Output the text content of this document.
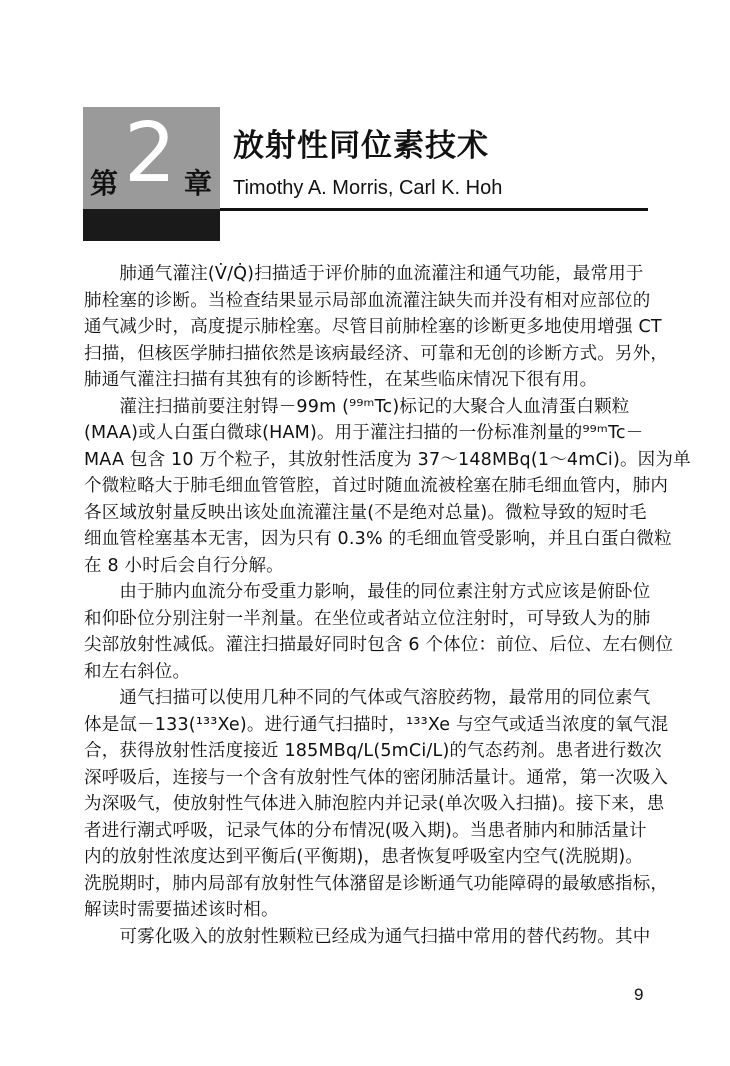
第 2 章
放射性同位素技术
Timothy A. Morris, Carl K. Hoh
　　肺通气灌注(V̇/Q̇)扫描适于评价肺的血流灌注和通气功能，最常用于
肺栓塞的诊断。当检查结果显示局部血流灌注缺失而并没有相对应部位的
通气减少时，高度提示肺栓塞。尽管目前肺栓塞的诊断更多地使用增强 CT
扫描，但核医学肺扫描依然是该病最经济、可靠和无创的诊断方式。另外，
肺通气灌注扫描有其独有的诊断特性，在某些临床情况下很有用。
　　灌注扫描前要注射锝－99m (⁹⁹ᵐTc)标记的大聚合人血清蛋白颗粒
(MAA)或人白蛋白微球(HAM)。用于灌注扫描的一份标准剂量的⁹⁹ᵐTc－
MAA 包含 10 万个粒子，其放射性活度为 37～148MBq(1～4mCi)。因为单
个微粒略大于肺毛细血管管腔，首过时随血流被栓塞在肺毛细血管内，肺内
各区域放射量反映出该处血流灌注量(不是绝对总量)。微粒导致的短时毛
细血管栓塞基本无害，因为只有 0.3% 的毛细血管受影响，并且白蛋白微粒
在 8 小时后会自行分解。
　　由于肺内血流分布受重力影响，最佳的同位素注射方式应该是俯卧位
和仰卧位分别注射一半剂量。在坐位或者站立位注射时，可导致人为的肺
尖部放射性减低。灌注扫描最好同时包含 6 个体位：前位、后位、左右侧位
和左右斜位。
　　通气扫描可以使用几种不同的气体或气溶胶药物，最常用的同位素气
体是氙－133(¹³³Xe)。进行通气扫描时，¹³³Xe 与空气或适当浓度的氧气混
合，获得放射性活度接近 185MBq/L(5mCi/L)的气态药剂。患者进行数次
深呼吸后，连接与一个含有放射性气体的密闭肺活量计。通常，第一次吸入
为深吸气，使放射性气体进入肺泡腔内并记录(单次吸入扫描)。接下来，患
者进行潮式呼吸，记录气体的分布情况(吸入期)。当患者肺内和肺活量计
内的放射性浓度达到平衡后(平衡期)，患者恢复呼吸室内空气(洗脱期)。
洗脱期时，肺内局部有放射性气体潴留是诊断通气功能障碍的最敏感指标，
解读时需要描述该时相。
　　可雾化吸入的放射性颗粒已经成为通气扫描中常用的替代药物。其中
9
